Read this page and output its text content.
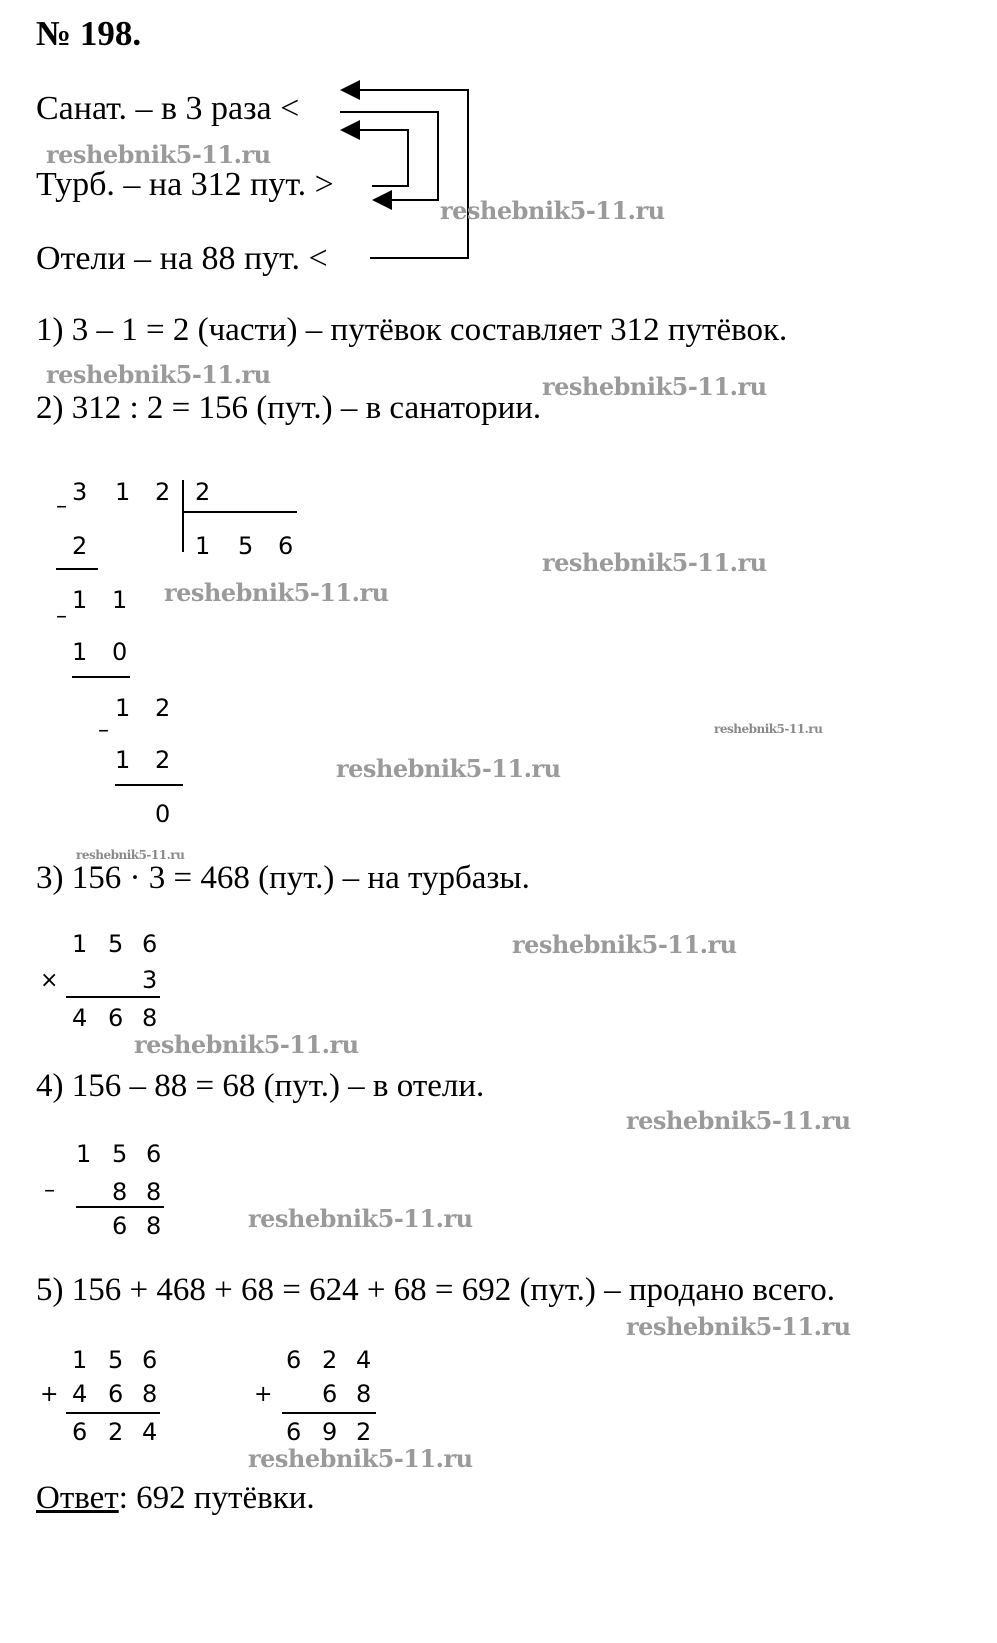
№ 198.
Санат. – в 3 раза <
Турб. – на 312 пут. >
Отели – на 88 пут. <
1) 3 – 1 = 2 (части) – путёвок составляет 312 путёвок.
2) 312 : 2 = 156 (пут.) – в санатории.
3 1 2 2
1 5 6
–
2
1 1
–
1 0
1 2
–
1 2
0
3) 156 · 3 = 468 (пут.) – на турбазы.
1 5 6
×	3
4 6 8
4) 156 – 88 = 68 (пут.) – в отели.
1 5 6
– 8 8
6 8
5) 156 + 468 + 68 = 624 + 68 = 692 (пут.) – продано всего.
1 5 6
+ 4 6 8
6 2 4
6 2 4
+ 6 8
6 9 2
Ответ: 692 путёвки.
reshebnik5-11.ru
reshebnik5-11.ru
reshebnik5-11.ru	reshebnik5-11.ru
reshebnik5-11.ru
reshebnik5-11.ru
reshebnik5-11.ru
reshebnik5-11.ru
reshebnik5-11.ru
reshebnik5-11.ru
reshebnik5-11.ru
reshebnik5-11.ru
reshebnik5-11.ru
reshebnik5-11.ru
reshebnik5-11.ru
